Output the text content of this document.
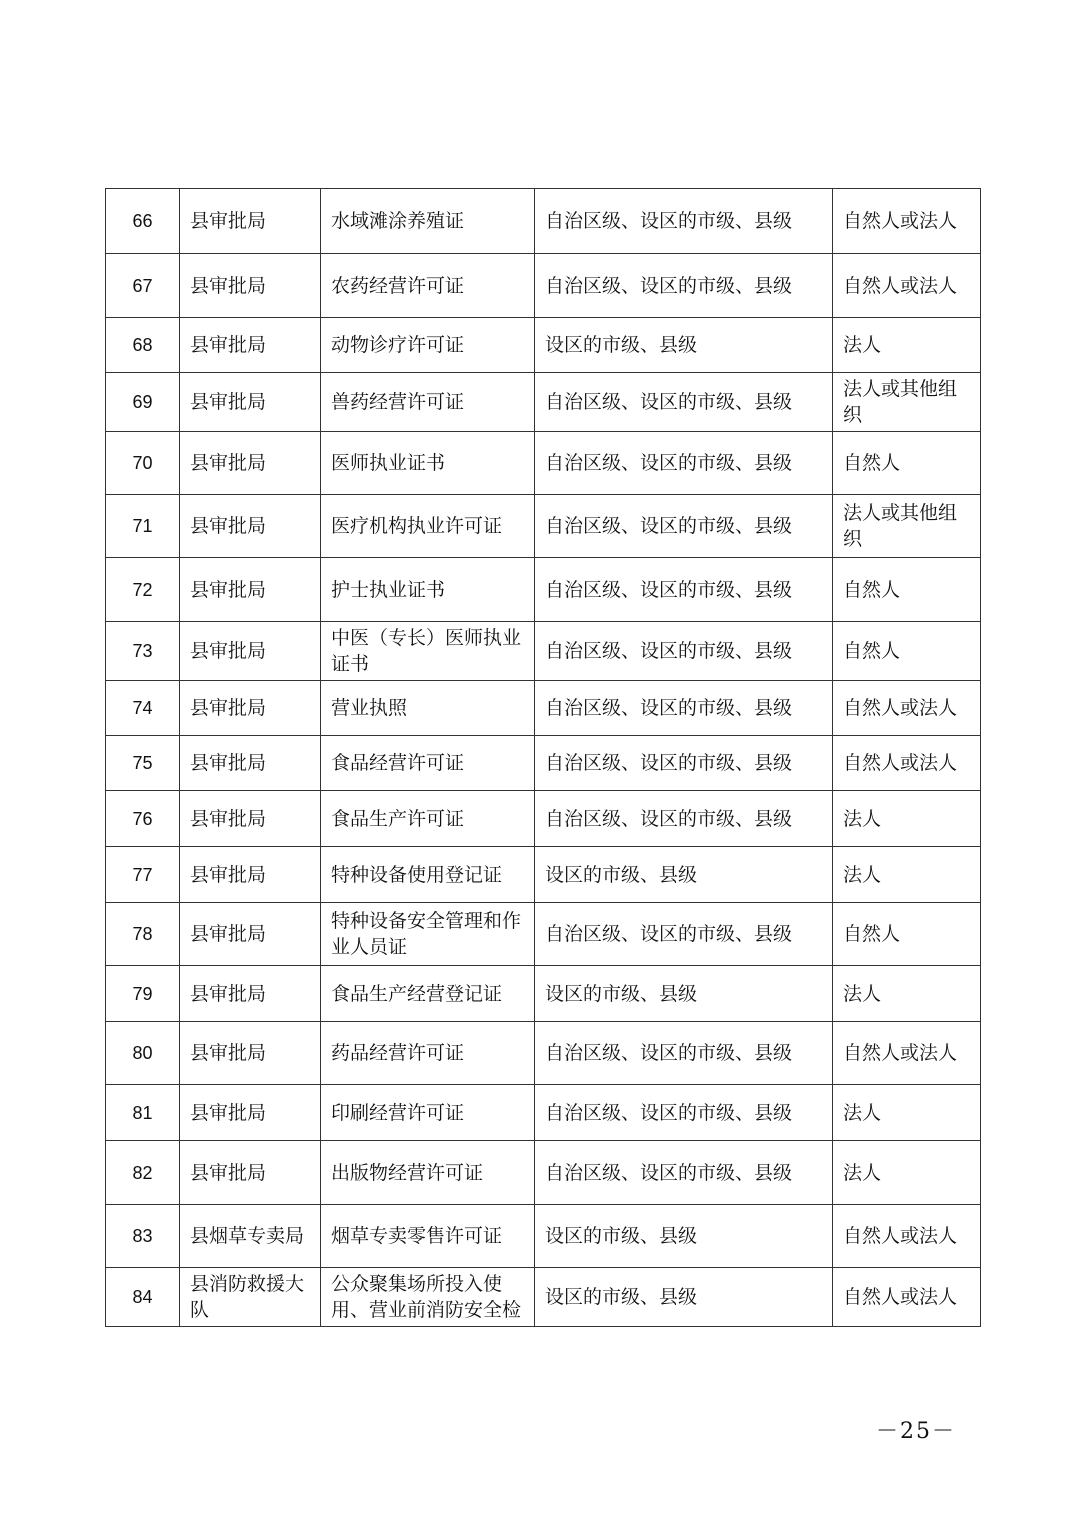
66	县审批局	水域滩涂养殖证	自治区级、设区的市级、县级	自然人或法人

67	县审批局	农药经营许可证	自治区级、设区的市级、县级	自然人或法人

68	县审批局	动物诊疗许可证	设区的市级、县级	法人

69	县审批局	兽药经营许可证	自治区级、设区的市级、县级	法人或其他组织

70	县审批局	医师执业证书	自治区级、设区的市级、县级	自然人

71	县审批局	医疗机构执业许可证	自治区级、设区的市级、县级	法人或其他组织

72	县审批局	护士执业证书	自治区级、设区的市级、县级	自然人

73	县审批局	中医（专长）医师执业证书	自治区级、设区的市级、县级	自然人

74	县审批局	营业执照	自治区级、设区的市级、县级	自然人或法人

75	县审批局	食品经营许可证	自治区级、设区的市级、县级	自然人或法人

76	县审批局	食品生产许可证	自治区级、设区的市级、县级	法人

77	县审批局	特种设备使用登记证	设区的市级、县级	法人

78	县审批局	特种设备安全管理和作业人员证	自治区级、设区的市级、县级	自然人

79	县审批局	食品生产经营登记证	设区的市级、县级	法人

80	县审批局	药品经营许可证	自治区级、设区的市级、县级	自然人或法人

81	县审批局	印刷经营许可证	自治区级、设区的市级、县级	法人

82	县审批局	出版物经营许可证	自治区级、设区的市级、县级	法人

83	县烟草专卖局	烟草专卖零售许可证	设区的市级、县级	自然人或法人

84	县消防救援大队	公众聚集场所投入使用、营业前消防安全检	设区的市级、县级	自然人或法人
－25－
